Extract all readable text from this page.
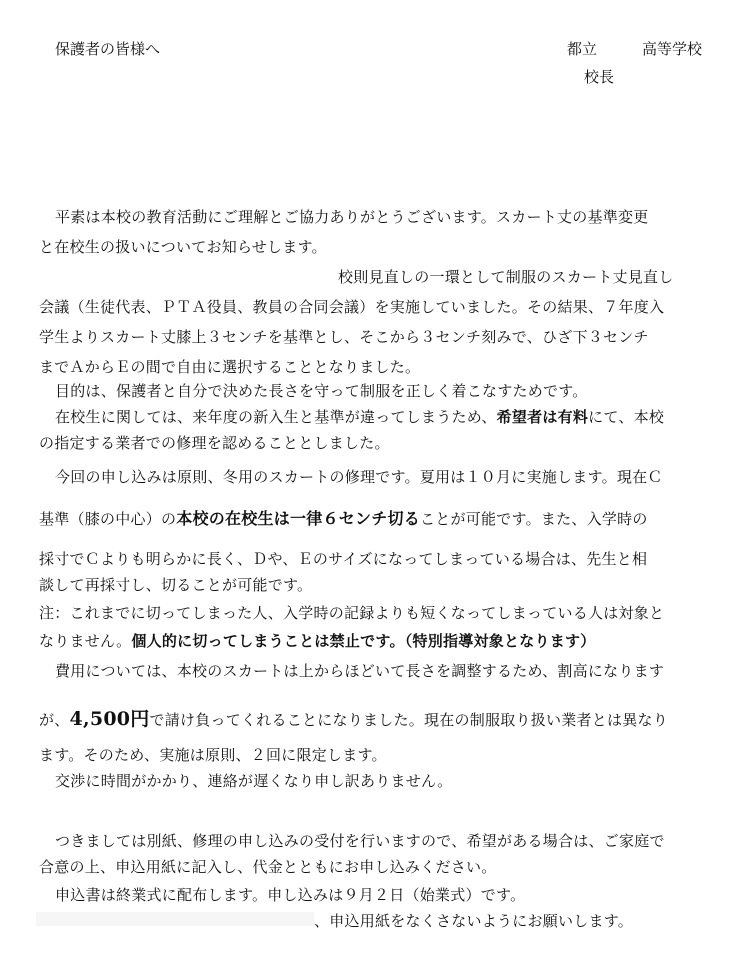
保護者の皆様へ	都立　　　高等学校
校長
平素は本校の教育活動にご理解とご協力ありがとうございます。スカート丈の基準変更
と在校生の扱いについてお知らせします。
校則見直しの一環として制服のスカート丈見直し
会議（生徒代表、ＰＴＡ役員、教員の合同会議）を実施していました。その結果、７年度入
学生よりスカート丈膝上３センチを基準とし、そこから３センチ刻みで、ひざ下３センチ
までＡからＥの間で自由に選択することとなりました。
目的は、保護者と自分で決めた長さを守って制服を正しく着こなすためです。
在校生に関しては、来年度の新入生と基準が違ってしまうため、希望者は有料にて、本校
の指定する業者での修理を認めることとしました。
今回の申し込みは原則、冬用のスカートの修理です。夏用は１０月に実施します。現在Ｃ
基準（膝の中心）の本校の在校生は一律６センチ切ることが可能です。また、入学時の
採寸でＣよりも明らかに長く、Ｄや、Ｅのサイズになってしまっている場合は、先生と相
談して再採寸し、切ることが可能です。
注：これまでに切ってしまった人、入学時の記録よりも短くなってしまっている人は対象と
なりません。個人的に切ってしまうことは禁止です。（特別指導対象となります）
費用については、本校のスカートは上からほどいて長さを調整するため、割高になります
が、4,500円で請け負ってくれることになりました。現在の制服取り扱い業者とは異なり
ます。そのため、実施は原則、２回に限定します。
交渉に時間がかかり、連絡が遅くなり申し訳ありません。
つきましては別紙、修理の申し込みの受付を行いますので、希望がある場合は、ご家庭で
合意の上、申込用紙に記入し、代金とともにお申し込みください。
申込書は終業式に配布します。申し込みは９月２日（始業式）です。
、申込用紙をなくさないようにお願いします。
